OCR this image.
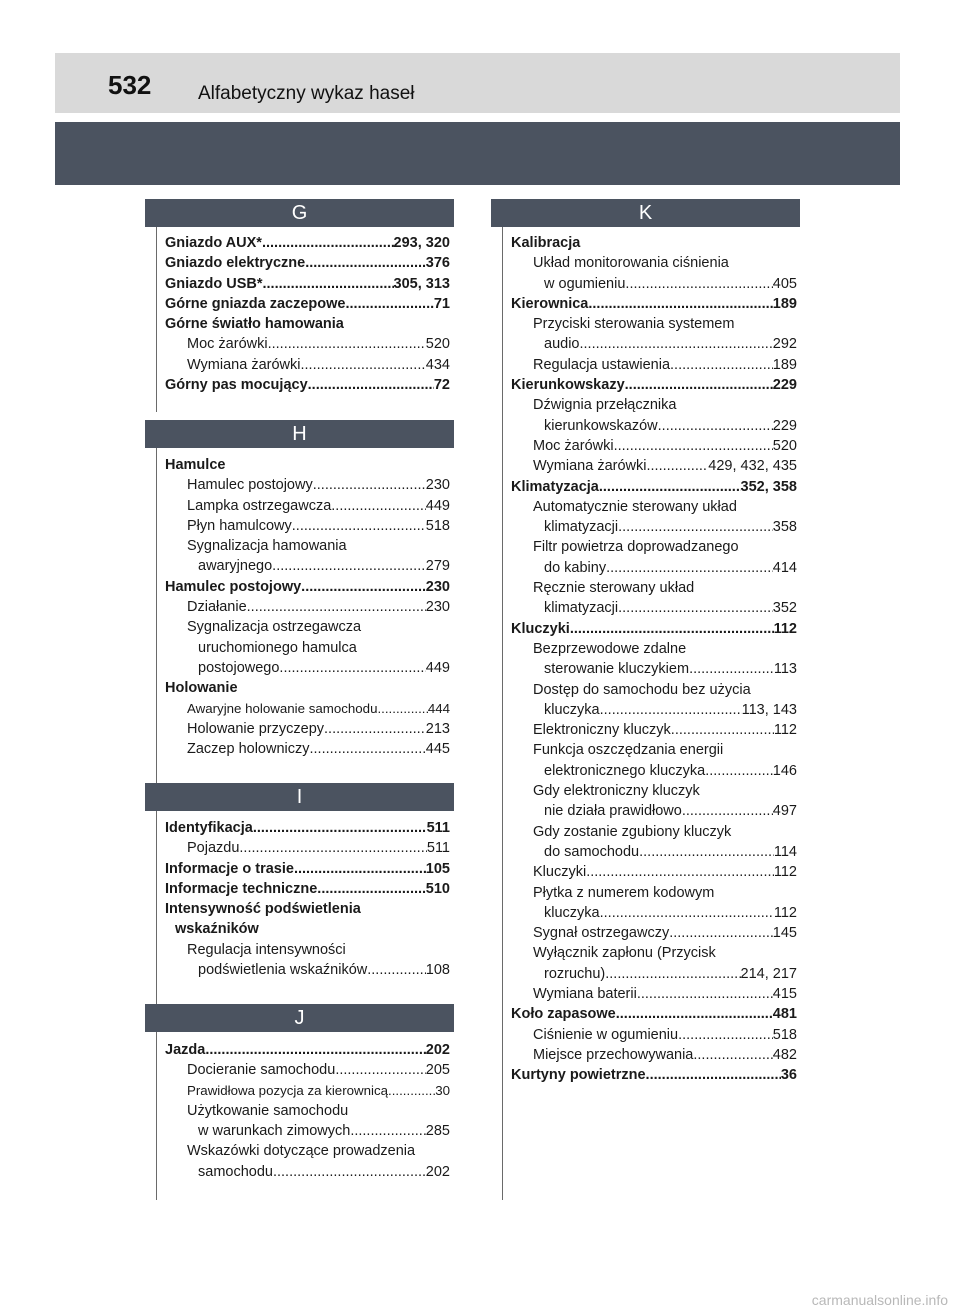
532 Alfabetyczny wykaz haseł
G
Gniazdo AUX* .....	293, 320
Gniazdo elektryczne .....	376
Gniazdo USB* .....	305, 313
Górne gniazda zaczepowe .....	71
Górne światło hamowania
Moc żarówki .....	520
Wymiana żarówki .....	434
Górny pas mocujący .....	72
H
Hamulce
Hamulec postojowy .....	230
Lampka ostrzegawcza .....	449
Płyn hamulcowy .....	518
Sygnalizacja hamowania
awaryjnego .....	279
Hamulec postojowy .....	230
Działanie .....	230
Sygnalizacja ostrzegawcza
uruchomionego hamulca
postojowego .....	449
Holowanie
Awaryjne holowanie samochodu .....	444
Holowanie przyczepy .....	213
Zaczep holowniczy .....	445
I
Identyfikacja .....	511
Pojazdu .....	511
Informacje o trasie .....	105
Informacje techniczne .....	510
Intensywność podświetlenia
wskaźników
Regulacja intensywności
podświetlenia wskaźników .....	108
J
Jazda .....	202
Docieranie samochodu .....	205
Prawidłowa pozycja za kierownicą .....	30
Użytkowanie samochodu
w warunkach zimowych .....	285
Wskazówki dotyczące prowadzenia
samochodu .....	202
K
Kalibracja
Układ monitorowania ciśnienia
w ogumieniu .....	405
Kierownica .....	189
Przyciski sterowania systemem
audio .....	292
Regulacja ustawienia .....	189
Kierunkowskazy .....	229
Dźwignia przełącznika
kierunkowskazów .....	229
Moc żarówki .....	520
Wymiana żarówki .....	429, 432, 435
Klimatyzacja .....	352, 358
Automatycznie sterowany układ
klimatyzacji .....	358
Filtr powietrza doprowadzanego
do kabiny .....	414
Ręcznie sterowany układ
klimatyzacji .....	352
Kluczyki .....	112
Bezprzewodowe zdalne
sterowanie kluczykiem .....	113
Dostęp do samochodu bez użycia
kluczyka .....	113, 143
Elektroniczny kluczyk .....	112
Funkcja oszczędzania energii
elektronicznego kluczyka .....	146
Gdy elektroniczny kluczyk
nie działa prawidłowo .....	497
Gdy zostanie zgubiony kluczyk
do samochodu .....	114
Kluczyki .....	112
Płytka z numerem kodowym
kluczyka .....	112
Sygnał ostrzegawczy .....	145
Wyłącznik zapłonu (Przycisk
rozruchu) .....	214, 217
Wymiana baterii .....	415
Koło zapasowe .....	481
Ciśnienie w ogumieniu .....	518
Miejsce przechowywania .....	482
Kurtyny powietrzne .....	36
carmanualsonline.info
